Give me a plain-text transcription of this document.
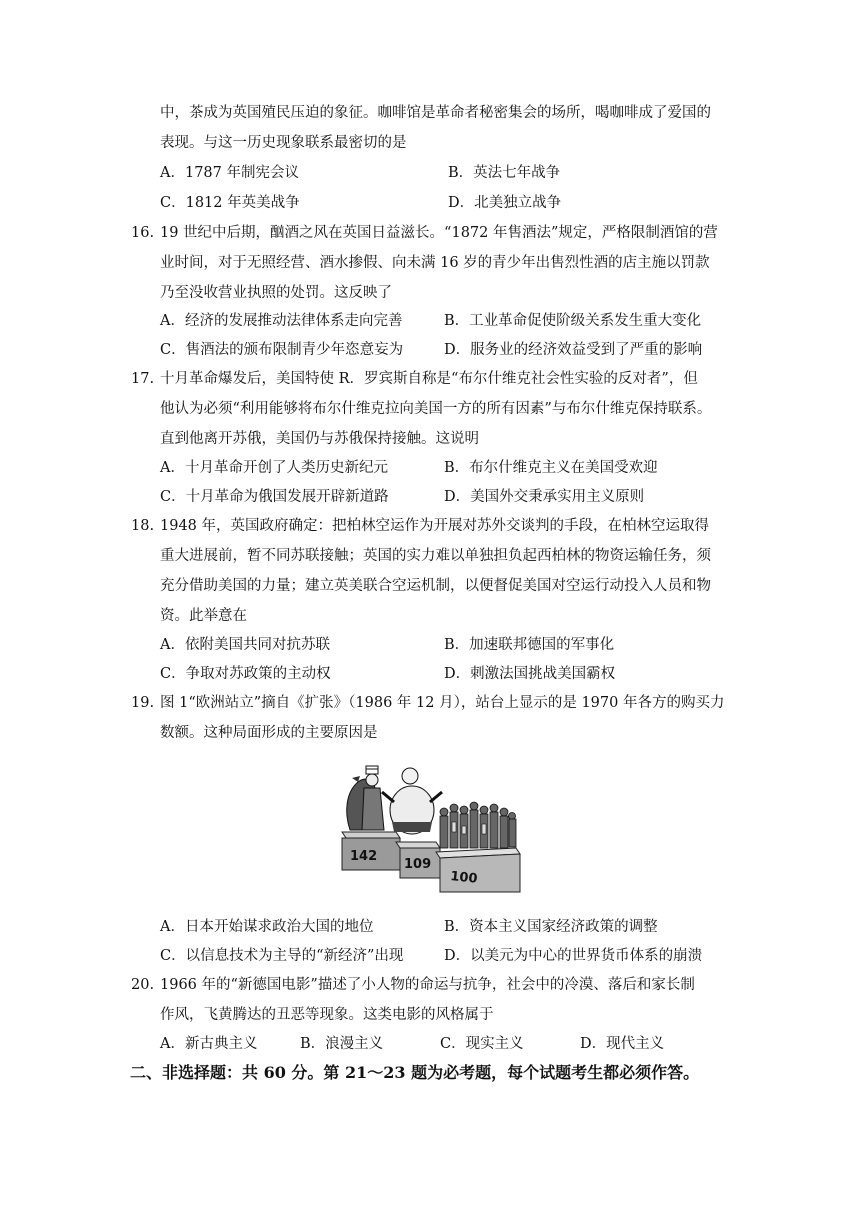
中，茶成为英国殖民压迫的象征。咖啡馆是革命者秘密集会的场所，喝咖啡成了爱国的
表现。与这一历史现象联系最密切的是
A．1787 年制宪会议	B．英法七年战争
C．1812 年英美战争	D．北美独立战争
16. 19 世纪中后期，酗酒之风在英国日益滋长。“1872 年售酒法”规定，严格限制酒馆的营
业时间，对于无照经营、酒水掺假、向未满 16 岁的青少年出售烈性酒的店主施以罚款
乃至没收营业执照的处罚。这反映了
A．经济的发展推动法律体系走向完善	B．工业革命促使阶级关系发生重大变化
C．售酒法的颁布限制青少年恣意妄为	D．服务业的经济效益受到了严重的影响
17. 十月革命爆发后，美国特使 R．罗宾斯自称是“布尔什维克社会性实验的反对者”，但
他认为必须“利用能够将布尔什维克拉向美国一方的所有因素”与布尔什维克保持联系。
直到他离开苏俄，美国仍与苏俄保持接触。这说明
A．十月革命开创了人类历史新纪元	B．布尔什维克主义在美国受欢迎
C．十月革命为俄国发展开辟新道路	D．美国外交秉承实用主义原则
18. 1948 年，英国政府确定：把柏林空运作为开展对苏外交谈判的手段，在柏林空运取得
重大进展前，暂不同苏联接触；英国的实力难以单独担负起西柏林的物资运输任务，须
充分借助美国的力量；建立英美联合空运机制，以便督促美国对空运行动投入人员和物
资。此举意在
A．依附美国共同对抗苏联	B．加速联邦德国的军事化
C．争取对苏政策的主动权	D．刺激法国挑战美国霸权
19. 图 1“欧洲站立”摘自《扩张》（1986 年 12 月），站台上显示的是 1970 年各方的购买力
数额。这种局面形成的主要原因是
142
109
100
A．日本开始谋求政治大国的地位	B．资本主义国家经济政策的调整
C．以信息技术为主导的“新经济”出现	D．以美元为中心的世界货币体系的崩溃
20. 1966 年的“新德国电影”描述了小人物的命运与抗争，社会中的冷漠、落后和家长制
作风，飞黄腾达的丑恶等现象。这类电影的风格属于
A．新古典主义	B．浪漫主义	C．现实主义	D．现代主义
二、非选择题：共 60 分。第 21～23 题为必考题，每个试题考生都必须作答。
